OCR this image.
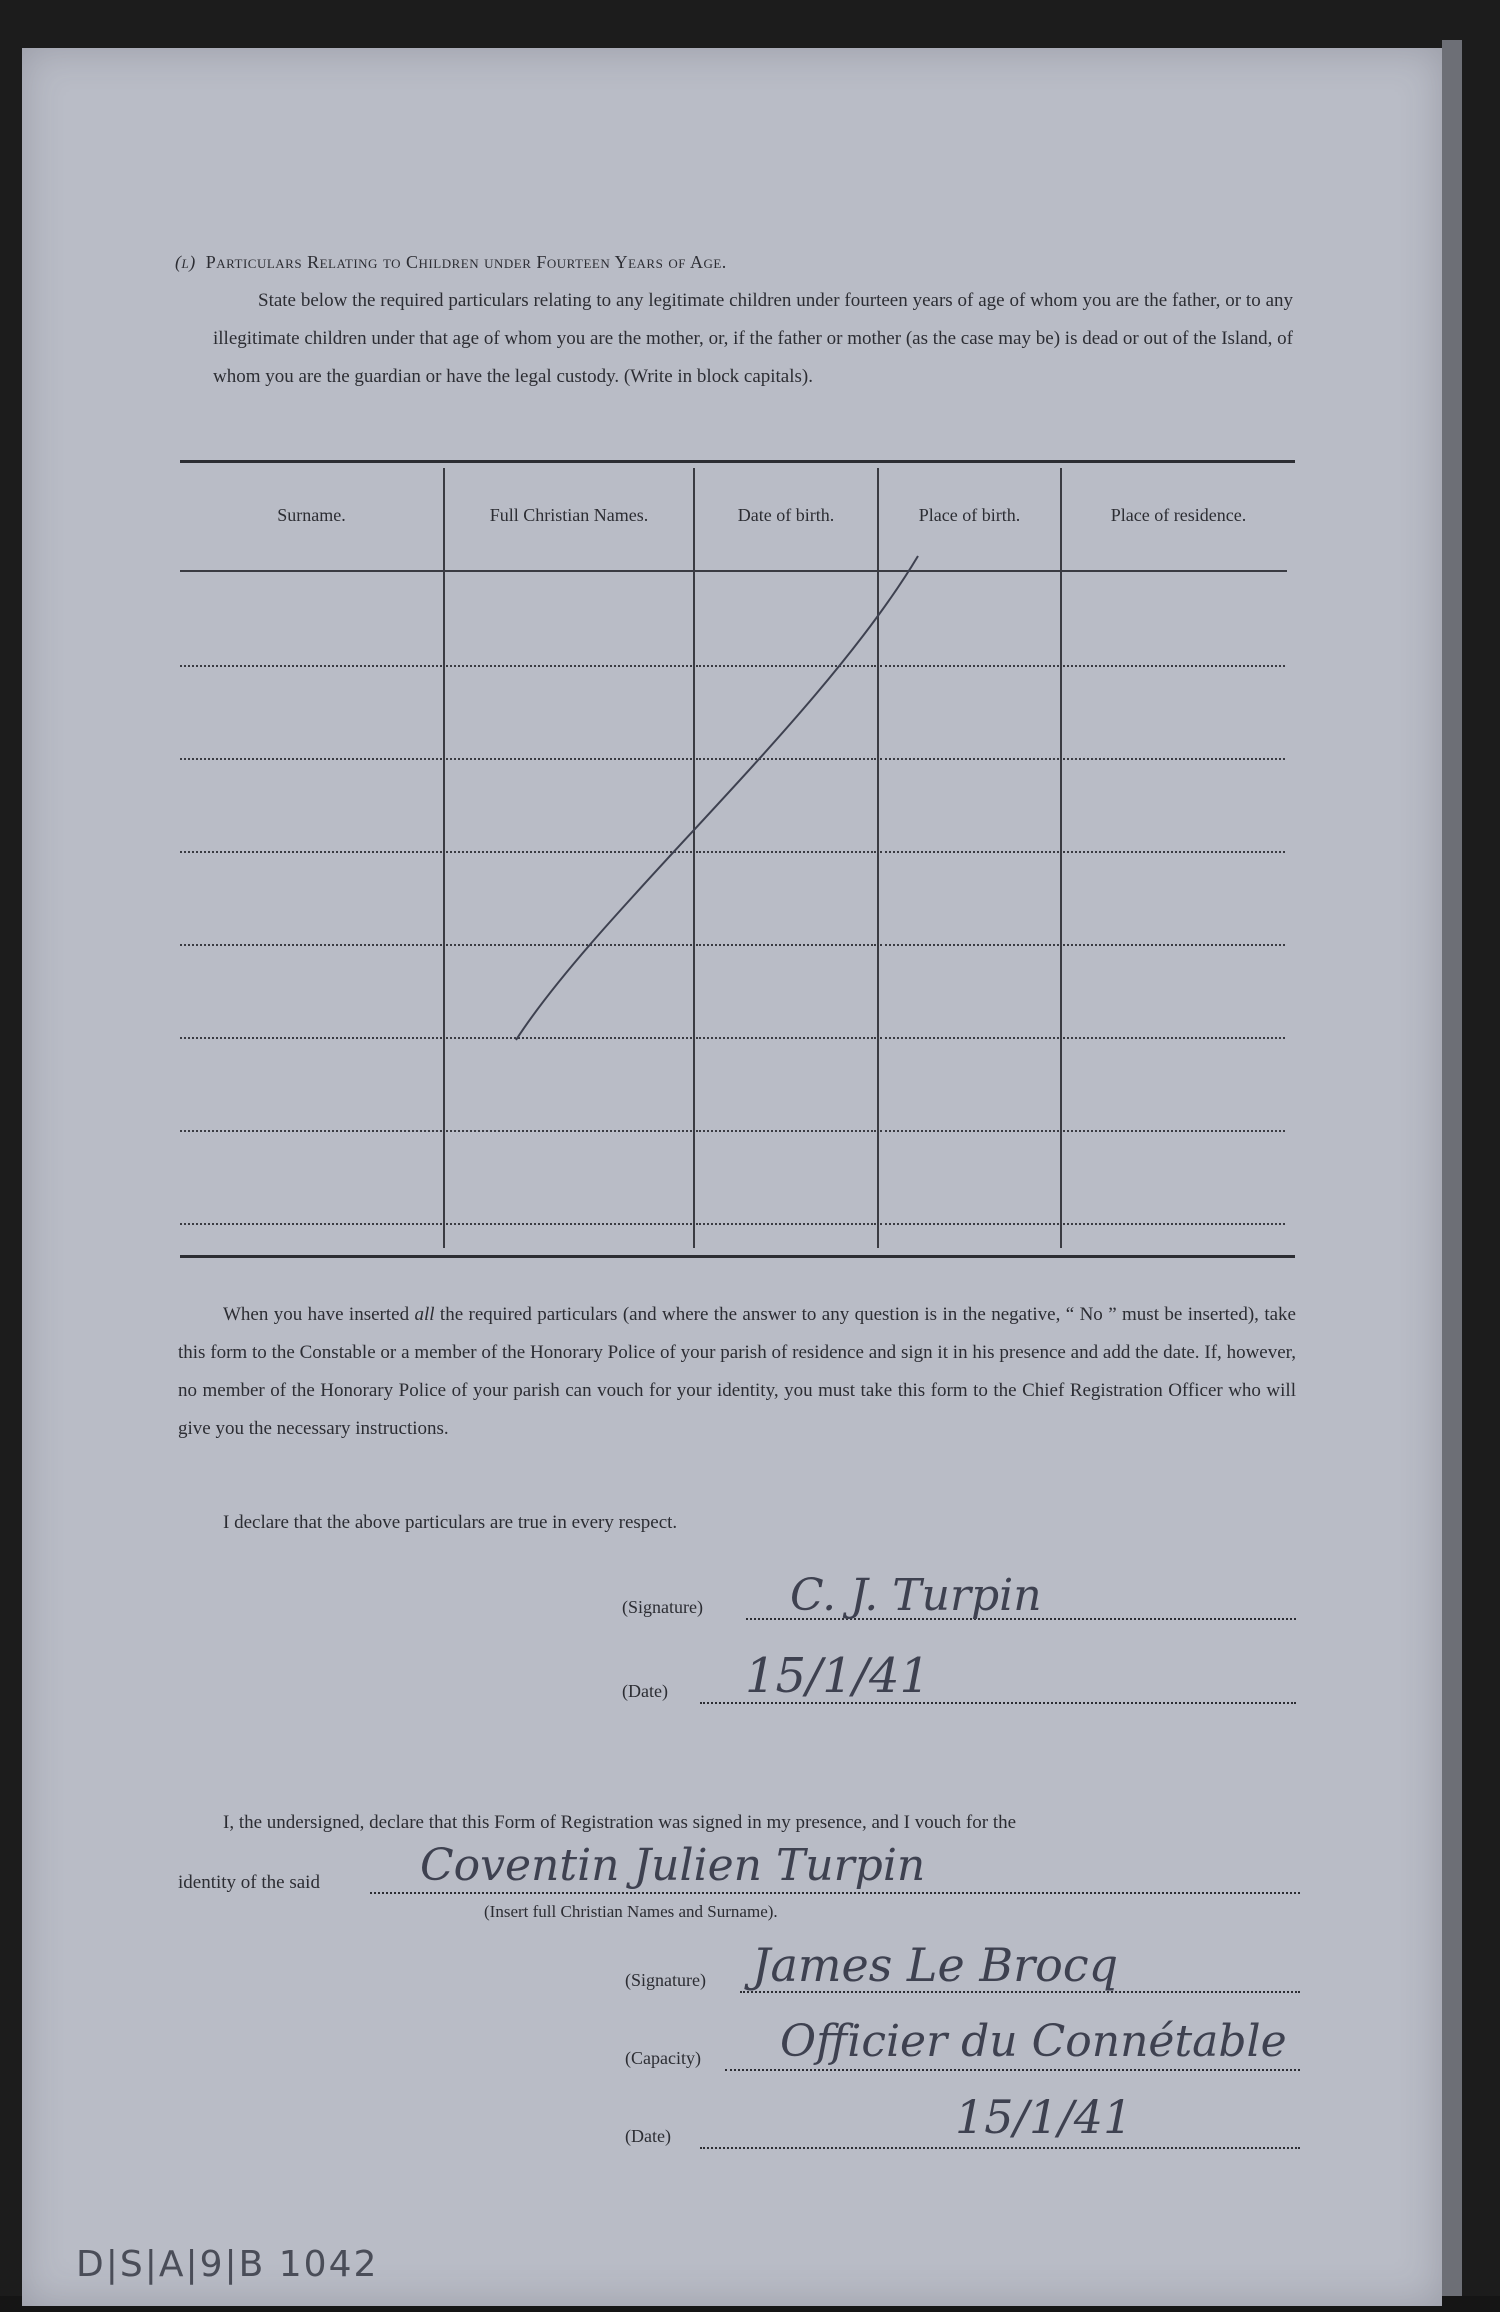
(l) Particulars Relating to Children under Fourteen Years of Age.

State below the required particulars relating to any legitimate children under fourteen years of age of whom you are the father, or to any illegitimate children under that age of whom you are the mother, or, if the father or mother (as the case may be) is dead or out of the Island, of whom you are the guardian or have the legal custody. (Write in block capitals).

Surname.	Full Christian Names.	Date of birth.	Place of birth.	Place of residence.

When you have inserted all the required particulars (and where the answer to any question is in the negative, “ No ” must be inserted), take this form to the Constable or a member of the Honorary Police of your parish of residence and sign it in his presence and add the date. If, however, no member of the Honorary Police of your parish can vouch for your identity, you must take this form to the Chief Registration Officer who will give you the necessary instructions.

I declare that the above particulars are true in every respect.
(Signature) C. J. Turpin
(Date) 15/1/41
I, the undersigned, declare that this Form of Registration was signed in my presence, and I vouch for the
identity of the said Coventin Julien Turpin
(Insert full Christian Names and Surname).
(Signature) James Le Brocq
(Capacity) Officier du Connétable
(Date)	15/1/41
D|S|A|9|B 1042
